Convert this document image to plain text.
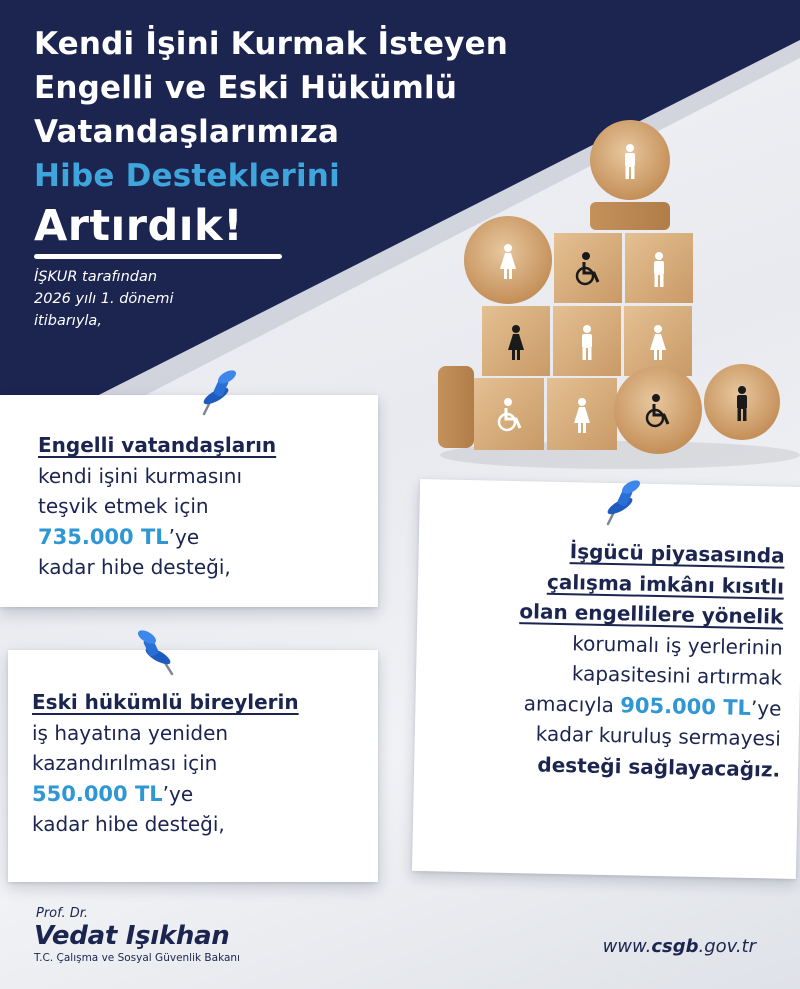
Kendi İşini Kurmak İsteyen
Engelli ve Eski Hükümlü
Vatandaşlarımıza
Hibe Desteklerini
Artırdık!
İŞKUR tarafından
2026 yılı 1. dönemi
itibarıyla,
Engelli vatandaşların
kendi işini kurmasını
teşvik etmek için
735.000 TL’ye
kadar hibe desteği,
Eski hükümlü bireylerin
iş hayatına yeniden
kazandırılması için
550.000 TL’ye
kadar hibe desteği,
İşgücü piyasasında
çalışma imkânı kısıtlı
olan engellilere yönelik
korumalı iş yerlerinin
kapasitesini artırmak
amacıyla 905.000 TL’ye
kadar kuruluş sermayesi
desteği sağlayacağız.
Prof. Dr.
Vedat Işıkhan
T.C. Çalışma ve Sosyal Güvenlik Bakanı
www.csgb.gov.tr
